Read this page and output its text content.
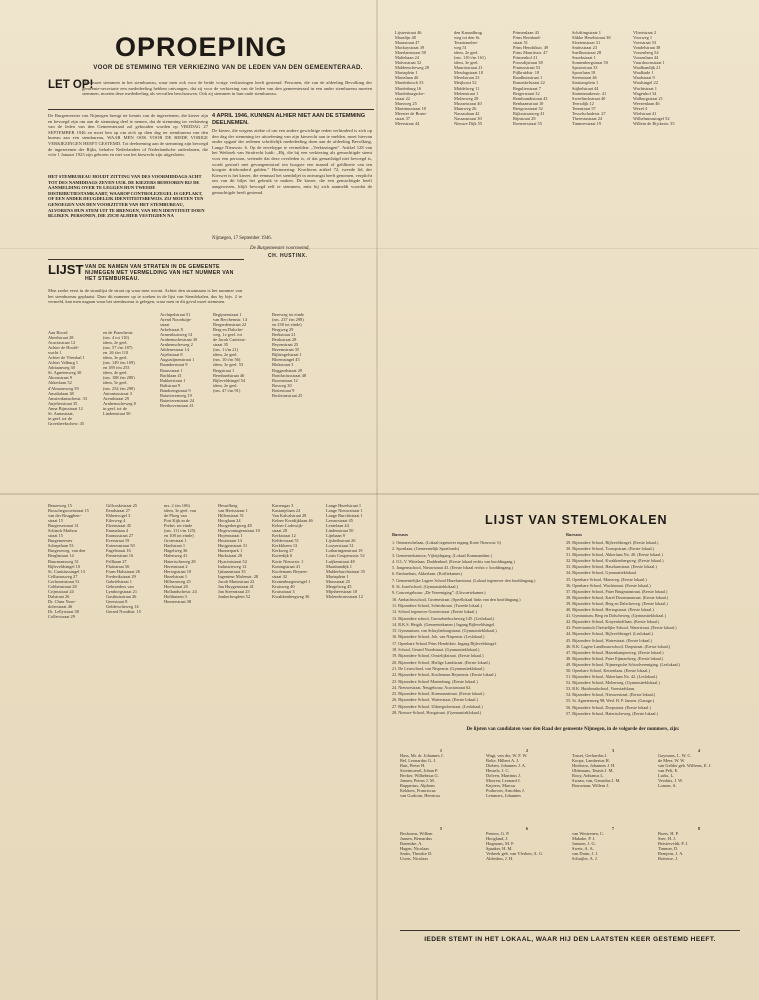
OPROEPING
VOOR DE STEMMING TER VERKIEZING VAN DE LEDEN VAN DEN GEMEENTERAAD.
LET OP!
Men moet stemmen in het stembureau, waar men ook voor de beide vorige verkiezingen heeft gestemd. Personen, die van de afdeeling Bevolking der gemeente-secretarie een mededeeling hebben ontvangen, dat zij voor de verkiezing van de leden van den gemeenteraad in een ander stembureau moeten stemmen, moeten deze mededeeling als vervallen beschouwen. Ook zij stemmen in hun oude stembureau.
De Burgemeester van Nijmegen brengt ter kennis van de ingezetenen, die kiezer zijn en bevoegd zijn om aan de stemming deel te nemen, dat de stemming ter verkiezing van de leden van den Gemeenteraad zal gehouden worden op VRIJDAG 27 SEPTEMBER 1946 en moet ben op om zich op dien dag ter stembureau van den bureau aan een stembureau, WAAR MEN OOK VOOR DE BEIDE VORIGE VERKIEZINGEN HEEFT GESTEMD. Tot deelneming aan de stemming zijn bevoegd de ingezetenen der Rijks, behalve Nederlanders of Nederlandsche onderdanen, die vóór 1 Januari 1923 zijn geboren en niet van het kiesrecht zijn uitgesloten.
HET STEMBUREAU HOUDT ZITTING VAN DES VOORMIDDAGS ACHT TOT DES NAMIDDAGS ZEVEN UUR. DE KIEZERS BEHOOREN BIJ DE AANMELDING OVER TE LEGGEN HUN TWEEDE DISTRIBUTIESTAMKAART, WAAROP CONTROLEZEGEL IS GEPLAKT, OF EEN ANDER DEUGDELIJK IDENTITEITSBEWIJS. ZIJ MOETEN TEN GENOEGEN VAN DEN VOORZITTER VAN HET STEMBUREAU, ALVORENS HUN STEM UIT TE BRENGEN, VAN HUN IDENTITEIT DOEN BLIJKEN. PERSONEN, DIE ZICH ALHIER VESTIGDEN NA
4 APRIL 1946, KUNNEN ALHIER NIET AAN DE STEMMING DEELNEMEN.
De kiezer, die wegens ziekte of om een andere gewichtige reden verhinderd is zich op den dag der stemming ter uitoefening van zijn kiesrecht aan te melden, moet hiervan onder opgaaf der redenen schriftelijk mededeeling doen aan de afdeeling Bevolking, Lange Nieuwstr. 6. Op de enveloppe te vermelden: „Verkiezingen”. Artikel 128 van het Wetboek van Strafrecht luidt: „Hij, die bij een verkiezing als gemachtigde stemt voor een persoon, wetende dat deze overleden is, of dat gemachtigd niet bevoegd is, wordt gestraft met gevangenisstraf ten hoogste een maand of geldboete van ten hoogste driehonderd gulden.” Herinnering: Krachtens artikel 72, tweede lid, der Kieswet is het kiezer, die eenmaal het stembiljet in ontvangst heeft genomen, verplicht om van dit biljet het gebruik te maken. De kiezer, die een gemachtigde heeft aangewezen, blijft bevoegd zelf te stemmen, mits hij zich aanmeldt voordat de gemachtigde heeft gestemd.
Nijmegen, 17 September 1946.
De Burgemeester voornoemd,
CH. HUSTINX.
LIJST VAN DE NAMEN VAN STRATEN IN DE GEMEENTE NIJMEGEN MET VERMELDING VAN HET NUMMER VAN HET STEMBUREAU.
Men zoeke eerst in de straatlijst de straat op waar men woont. Achter den straatnaam is het nummer van het stembureau geplaatst. Daar dit nummer op te zoeken in de lijst van Stemlokalen, dus by bijv. 2 te vermeld, kan men nagaan waar het stembureau is gelegen, waar men in dit geval moet stemmen.
Aan Boord
Abeelstraat 28
Acaciastraat 12
Achter de Hoofd-
wacht 1
Achter de Vleeshal 1
Achter Valburg 1
Adriaanweg 30
St. Agnetenweg 30
Ahornstraat 9
Akkerlaan 52
d'Almarasweg 59
Amalialaan 38
Amsterdamschestr. 33
Anjelierstraat 35
Anna Bijnsstraat 12
St. Annastraat,
in geel. tot de
Groesbeekschew. 45
en de Prancheotr.
(nrs. 4 tot 110)
idem, 2e geel.
(nrs. 57 t/m 187)
en. 26 t/m 110
idem, 3e geel.
(nrs. 149 t/m 169)
en 189 t/m 253
idem, 4e geel.
(nrs. 188 t/m 280)
idem, 5e geel.
(nrs. 254 t/m 298)
Antoniusstraat 3
Arendstraat 29
Arnhemscheweg 8
in geel. tot de
Lindenstraat 50
Archipelstraat 51
Arend Noorduijn-
straat
Arkelstraat 8
Armenhuisweg 14
Arnhemschestraat 30
Arnhemscheweg 2
Athlenestraat 14
Atjehstraat 8
Augustijnenstraat 1
Baanderstraat 9
Baarsstraat 1
Bachlaan 41
Bakkerstraat 1
Balistraat 9
Bandoengstraat 9
Batavierenweg 19
Batavierenstraat 24
Beethovenstraat 41
Begijnenstraat 1
van Berchemstr. 14
Bergerdenstraat 22
Berg en Dalsche-
weg, 1e geel. tot
de Jacob Canisius-
straat 35
(nrs. 1 t/m 21)
idem, 2e geel.
(nrs. 10 t/m 56)
idem, 3e geel. 53
Bergstraat 1
Bernhardstraat 46
Bijleveldsingel 54
idem, 2e geel.
(nrs. 47 t/m 91)
Bereweg tot einde
(nrs. 237 t/m 298)
en 238 tot einde)
Bergweg 29
Berkstraat 21
Beukstraat 28
Beyenstraat 25
Bezemstraat 35
Bijlsingelstraat 1
Bloemsingel 45
Blokstraat 3
Boggerdstraat 29
Bonifaciusstraat 48
Boomstraat 12
Bosweg 30
Bottestraat 9
Boxhornstraat 25
Lijsterstraat 46
Maaslijn 48
Maasstraat 47
Mackaystraat 39
Maerlantstraat 58
Maliebaan 24
Malvastraat 52
Maldenscheweg 28
Mariaplein 1
Marialaan 46
Mariënbosch 33
Mariënburg 16
Mariënburgsche-
straat 22
Marsweg 25
Martinusstraat 18
Meester de Bruin-
straat 37
Meerstraat 44
den Kanaalbrug
weg tot den St.
Teunismolen-
weg 51
idem, 2e geel.
(nrs. 110 t/m 161)
idem, 3e geel.
Mauritsstraat 21
Mesdagstraat 18
Merelstraat 23
Meijhorst 52
Middelweg 11
Molenstraat 1
Molenweg 28
Mozartstraat 40
Muntweg 26
Nassaulaan 42
Nassaustraat 30
Nieuwe Dijk 55
Prinsenlaan 43
Prins Bernhard-
straat 51
Prins Hendrikstr. 49
Prins Mauritsstr. 47
Prinsenhof 21
Proosdijstraat 38
Prunusstraat 53
Pijlkruidstr. 18
Raadhuisstraat 1
Ranonkelstraat 22
Regulierstraat 7
Reigerstraat 32
Rembrandtstraat 43
Renbaanstraat 10
Rietgorsstraat 52
Rijksstraatweg 41
Rijnstraat 28
Roemerstraat 55
Schiftingstraat 1
Slikke Heseltstraat 38
Sloetenstraat 31
Smitsstraat 23
Snelliusstraat 28
Snoekstraat 1
Sonnenbergstraat 50
Spoorstraat 33
Spoorlaan 18
Steenstraat 46
Stationsplein 1
Stijkelstraat 44
Stratenmakerstr. 41
Sweelinckstraat 40
Teersdijk 12
Tennstraat 57
Tesselschadestr. 27
Theresiastraat 24
Timmerstraat 19
Vliertstraat 2
Voorweg 1
Voerstraat 53
Vondelstraat 38
Vossenberg 54
Vossenlaan 44
Vuurdoornstraat 1
Waalbandijk 21
Waalkade 1
Waalstraat 9
Waalsingel 22
Wachtstraat 1
Wagenhof 34
Walburgstraat 21
Weezenlaan 46
Wezel 4
Wielstraat 41
Wilhelminasingel 52
Willem de Rijckestr. 35
Benzeweg 15
Bosschegrooetstraat 15
van der Brugghen-
straat 15
Burgersestraat 31
Schinck Mathon
straat 15
Burgemeester
Schepelaan 53
Burgerzweg, van den
Berghstraat 14
Buurmansweg 51
Bijleveldsingel 10
St. Canisiussingel 13
Cellianusweg 27
Corhoomstraat 51
Cobbenstraat 28
Crijnsstraat 24
Dalstraat 26
Dr. Claas Noor-
dolerstraat 46
Dr. Lellystraat 58
Collectoraat 29
Gillcoskistraat 25
Eendstraat 27
Ebbenvogel 3
Eilerweg 4
Elzenstraat 45
Emmalaan 4
Eranusstraat 27
Everstraat 19
Euterenstraat 50
Fagelstraat 16
Fennerstraat 16
Fellbaan 27
Fluitstraat 56
Frans Halsstraat 26
Frederikstraat 29
Gabriëlstraat 1
Gebroeders van
Lymborgstraat 21
Gasthuisstraat 26
Geerstraat 8
Gelderscheweg 14
Gerard Noodtstr. 15
nrs. 2 t/m 106)
idem, 3e geel. van
de Ploeg van
Port Kijk in de
Prebrt. tot einde
(nrs. 111 t/m 125)
en 108 tot einde)
Grotestraat 1
Haelstraat 1
Hagelweg 36
Halenweg 41
Hatertscheweg 28
Herenstraat 2
Hertogstraat 10
Hezelstraat 1
Hillsemweg 25
Hoefstraat 20
Hollandschestr. 24
Holthuizen 3
Homerstraat 38
Hesselberg
van Hertsstraat 1
Hillenstraat 51
Hooglaan 24
Hoogerbergweg 48
Hogewoningenstraat 10
Hojemstraat 1
Houtstraat 14
Huijgenstraat 31
Hunnerpark 1
Hurkstraat 20
Hyacintstraat 52
Industrieweg 12
Ijsbaanstraat 35
Ingenieur Molenstr. 28
Jacob Marisstraat 22
Jan Huygenstraat 41
Jan Steenstraat 25
Jonkerbosplein 52
Karrengas 3
Kastanjelaan 24
Van Kalcalstraat 28
Kelner Kortdijklaan 46
Kelner Lodewijk-
straat 28
Kerkstraat 12
Kelderstraat 51
Kerkbloem 13
Kerkweg 27
Kortedijk 6
Korte Nieuwstr. 1
Koningstraat 41
Koolemans Beynen-
straat 32
Kronenburgersingel 1
Kruisweg 40
Kruisstraat 3
Kwakkenbergweg 36
Lange Hezelstraat 1
Lange Nieuwstraat 1
Lange Burchtstraat 1
Leeuwstraat 45
Lentelaan 44
Lindenstraat 50
Lijnbaan 9
Lijsbethstraat 26
Looyerstraat 31
Lotharingenstraat 19
Louis Couperusstr. 52
Luijkenstraat 48
Maasbandijk 1
Malderburchtstraat 35
Mariaplein 1
Marsstraat 25
Mergelweg 45
Mijnheerstraat 18
Molendwarsstraat 12
LIJST VAN STEMLOKALEN
Bureaux	Bureaux
1. Ommerschelaan, (Lokaal tegenover ingang Korte Nieuwstr. 6)
2. Sportlaan, (Gemeentelijk Sportfonds)
3. Gemeentekantoor, Vijfzijdegang. (Lokaal Kommandant.)
4. O.L.V. Wittelaan, Doddenbaal. (Eerste lokaal rechts van hoofdingang.)
5. Jongensschool, Nieuwstraat 43. (Eerste lokaal rechts v. hoofdingang.)
6. Fanfarehuis, Akkerlaan. (Koffiekamer.)
7. Gemeentelijke Lagere School Hazelaarstraat. (Lokaal tegenover den hoofdingang.)
8. St. Jozefschool, (Gymnastieklokaal.)
9. Concertgebouw „De Vereeniging”. (Uitvoeriekamer.)
10. Ambachtsschool, Groenestraat. (Speellokaal links van den hoofdingang.)
11. Bijzondere School, Scheidstraat. (Tweede lokaal.)
12. School tegenover Grootestraat. (Eerste lokaal.)
13. Bijzondere school, Grossebeekscheweg 145. (Leslokaal.)
14. R.K.S. Heigth. (Gemeentekamer.) Ingang Bijleveldsingel.
15. Gymnasium, van Schuylenburgstraat. (Gymnastieklokaal.)
16. Bijzondere School, Joh. van Nispenstr. (Leslokaal.)
17. Openbare School Prins Hendrikstr. Ingang Bijleveldsingel.
18. School, Gerard Noodstraat. (Gymnastieklokaal.)
19. Bijzondere School, Oostelijkstraat. (Eerste lokaal.)
20. Bijzondere School, Heilige Landstraat. (Eerste lokaal.)
21. De Leurschool, van Nispenstr. (Gymnastieklokaal.)
22. Bijzondere School, Koolemans Beynenstr. (Eerste lokaal.)
23. Bijzondere School Marienburg. (Eerste lokaal.)
24. Nieuwestraat, Neugebouw, Acaciastraat 62.
25. Bijzondere School, Koenmanstraat. (Eerste lokaal.)
26. Bijzondere School, Waterstraat. (Eerste lokaal.)
27. Bijzondere School, Ubbergschestraat. (Leslokaal.)
28. Nieuwe-School, Hoogstraat. (Gymnastieklokaal.)
29. Bijzondere School, Bijleveldsingel. (Eerste lokaal.)
30. Bijzondere School, Tooropstraat. (Eerste lokaal.)
31. Bijzondere School, Akkerlaan No. 40. (Eerste lokaal.)
32. Bijzondere School, Kwakkenbergweg. (Eerste lokaal.)
33. Bijzondere School, Haselaarstraat. (Eerste lokaal.)
34. Bijzondere School, Gymnastieklokaal.
35. Openbare School, Marsweg. (Eerste lokaal.)
36. Openbare School, Wachtstraat. (Eerste lokaal.)
37. Bijzondere School, Pater Brugmanstraat. (Eerste lokaal.)
38. Bijzondere School, Karel Doormanstraat. (Eerste lokaal.)
39. Bijzondere School, Berg en Dalscheweg. (Eerste lokaal.)
40. Bijzondere School, Hertogstraat. (Eerste lokaal.)
41. Gymnasium, Berg en Dalscheweg. (Gymnastieklokaal.)
42. Bijzondere School, Krayenhofflaan. (Eerste lokaal.)
43. Protestantsch Christelijke School, Waterstraat. (Eerste lokaal.)
44. Bijzondere School, Bijleveldsingel. (Leslokaal.)
45. Bijzondere School, Waterstraat. (Eerste lokaal.)
46. R.K. Lagere Landbouwschool, Dorpstraat. (Eerste lokaal.)
47. Bijzondere School, Hazenkampseweg. (Eerste lokaal.)
48. Bijzondere School, Pater Eijmardweg. (Eerste lokaal.)
49. Bijzondere School, Nijmeegsche Schoolvereniging. (Leslokaal.)
50. Openbare School, Kersenlaan. (Eerste lokaal.)
51. Bijzondere School, Akkerlaan No. 42. (Leslokaal.)
52. Bijzondere School, Molenweg. (Gymnastieklokaal.)
53. R.K. Huishoudschool, Voorstadslaan.
54. Bijzondere School, Nieuwestraat. (Eerste lokaal.)
55. St. Agnetenweg 98; Wed. H. P. Jansen. (Garage.)
56. Bijzondere School, Dorpstraat. (Eerste lokaal.)
57. Bijzondere School, Hatertscheweg. (Eerste lokaal.)
De lijsten van candidaten voor den Raad der gemeente Nijmegen, in de volgorde der nummers, zijn:
1
Hass, Mr. dr. Johannes J.
Bel, Leonardus G. J.
Butt, Pieter H.
Stoetmoesel, Johan P.
Becker, Wilhelmus G.
Jansen, Petrus J. M.
Ruppertus, Alphons
Kekkers, Franciscus
van Gorkom, Henricus
2
Wagt, van der, W. F. W.
Bolte, Hilbert A. J.
Dieben, Johannes J. A.
Hessels, J. C.
Dolven, Martinus J.
Mooren, Leonard J.
Kujoers, Marcus
Pothoven, Arnoldus J.
Lemmers, Johannes
3
Truset, Gerhardus J.
Koops, Lambertus H.
Hoekstra, Johannes J. H.
Oldemans, Teunis J. M.
Rooy, Adrianus L.
Swaan, van, Gerardus J. M.
Bouwman, Willem J.
4
Gaymans, L. W. C.
de Meer, W. W.
van Gelder geb. Willems, E. J.
van Pelt, E.
Lurks, L.
Versluis, J. W.
Loman, A.
5
Beslooms, Willem
Jansen, Bernardus
Barendse, A.
Hagen, Nicolaas
Smits, Theodor D.
Uwen, Nicolaas
6
Peeters, G. P.
Hoogland, J.
Hogmans, M. F.
Spaaker, H. M.
Verbeek geb. van Vlerken, A. G.
Aldenbos, J. H.
7
van Westrenen, C.
Makake, P. J.
Janssen, J. G.
Swets, A. A.
van Duim, J. J.
Schuijler, A. J.
8
Boets, H. P.
Seer, H. J.
Beisterveldt, P. J.
Timmer, D.
Bemjens, J. A.
Bottesse, J.
IEDER STEMT IN HET LOKAAL, WAAR HIJ DEN LAATSTEN KEER GESTEMD HEEFT.
